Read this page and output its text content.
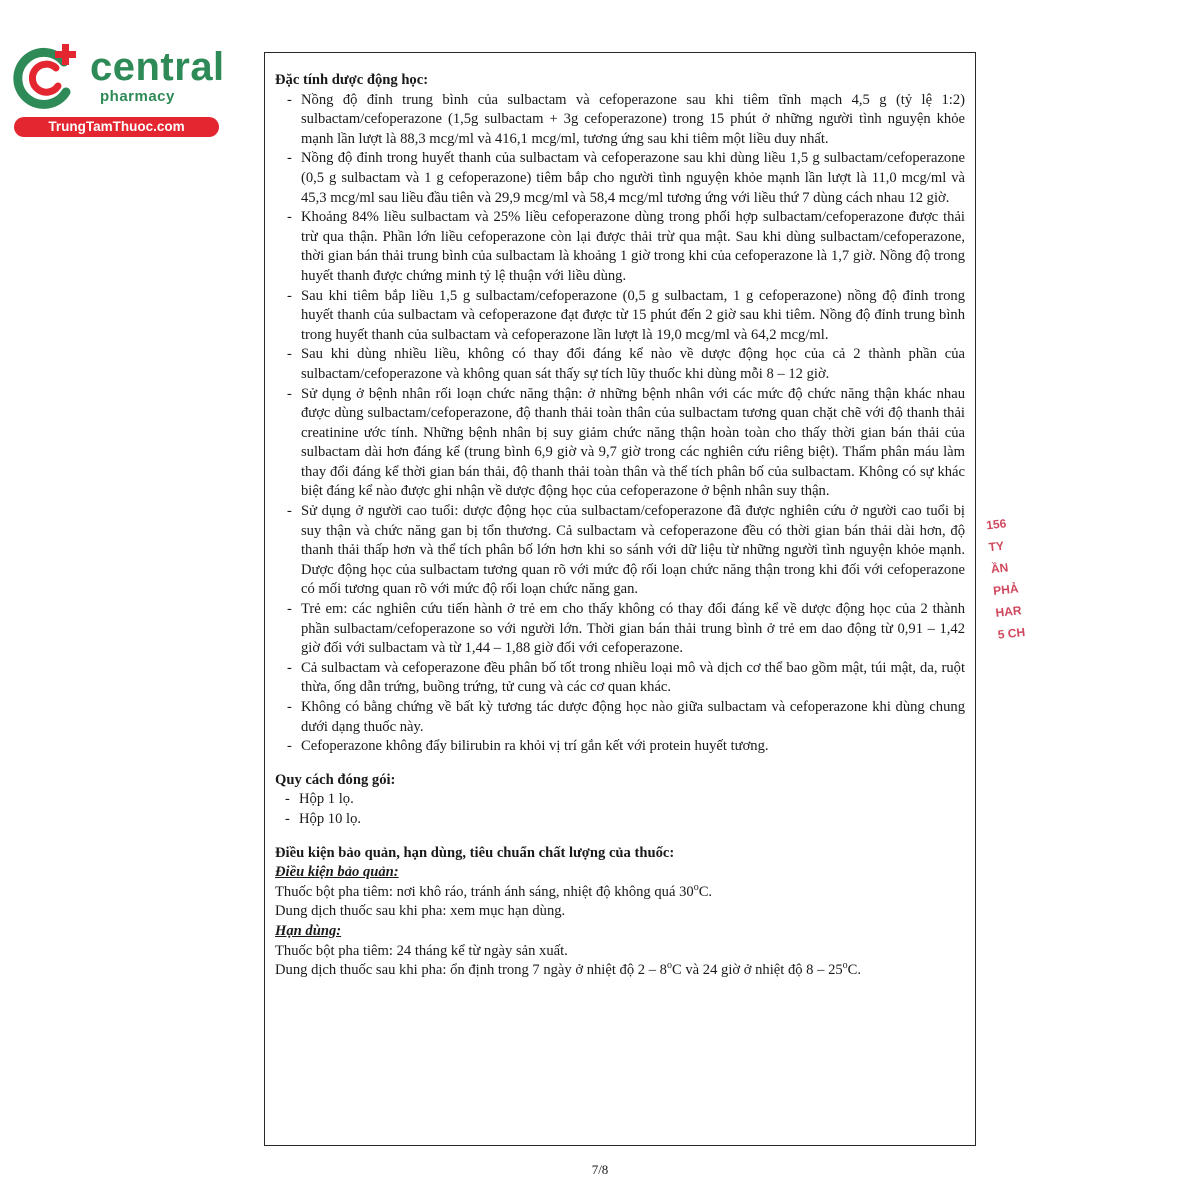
central
pharmacy
TrungTamThuoc.com

Đặc tính dược động học:

- Nồng độ đỉnh trung bình của sulbactam và cefoperazone sau khi tiêm tĩnh mạch 4,5 g (tỷ lệ 1:2) sulbactam/cefoperazone (1,5g sulbactam + 3g cefoperazone) trong 15 phút ở những người tình nguyện khỏe mạnh lần lượt là 88,3 mcg/ml và 416,1 mcg/ml, tương ứng sau khi tiêm một liều duy nhất.
- Nồng độ đỉnh trong huyết thanh của sulbactam và cefoperazone sau khi dùng liều 1,5 g sulbactam/cefoperazone (0,5 g sulbactam và 1 g cefoperazone) tiêm bắp cho người tình nguyện khỏe mạnh lần lượt là 11,0 mcg/ml và 45,3 mcg/ml sau liều đầu tiên và 29,9 mcg/ml và 58,4 mcg/ml tương ứng với liều thứ 7 dùng cách nhau 12 giờ.
- Khoảng 84% liều sulbactam và 25% liều cefoperazone dùng trong phối hợp sulbactam/cefoperazone được thải trừ qua thận. Phần lớn liều cefoperazone còn lại được thải trừ qua mật. Sau khi dùng sulbactam/cefoperazone, thời gian bán thải trung bình của sulbactam là khoảng 1 giờ trong khi của cefoperazone là 1,7 giờ. Nồng độ trong huyết thanh được chứng minh tỷ lệ thuận với liều dùng.
- Sau khi tiêm bắp liều 1,5 g sulbactam/cefoperazone (0,5 g sulbactam, 1 g cefoperazone) nồng độ đỉnh trong huyết thanh của sulbactam và cefoperazone đạt được từ 15 phút đến 2 giờ sau khi tiêm. Nồng độ đỉnh trung bình trong huyết thanh của sulbactam và cefoperazone lần lượt là 19,0 mcg/ml và 64,2 mcg/ml.
- Sau khi dùng nhiều liều, không có thay đổi đáng kể nào về dược động học của cả 2 thành phần của sulbactam/cefoperazone và không quan sát thấy sự tích lũy thuốc khi dùng mỗi 8 – 12 giờ.
- Sử dụng ở bệnh nhân rối loạn chức năng thận: ở những bệnh nhân với các mức độ chức năng thận khác nhau được dùng sulbactam/cefoperazone, độ thanh thải toàn thân của sulbactam tương quan chặt chẽ với độ thanh thải creatinine ước tính. Những bệnh nhân bị suy giảm chức năng thận hoàn toàn cho thấy thời gian bán thải của sulbactam dài hơn đáng kể (trung bình 6,9 giờ và 9,7 giờ trong các nghiên cứu riêng biệt). Thẩm phân máu làm thay đổi đáng kể thời gian bán thải, độ thanh thải toàn thân và thể tích phân bố của sulbactam. Không có sự khác biệt đáng kể nào được ghi nhận về dược động học của cefoperazone ở bệnh nhân suy thận.
- Sử dụng ở người cao tuổi: dược động học của sulbactam/cefoperazone đã được nghiên cứu ở người cao tuổi bị suy thận và chức năng gan bị tổn thương. Cả sulbactam và cefoperazone đều có thời gian bán thải dài hơn, độ thanh thải thấp hơn và thể tích phân bố lớn hơn khi so sánh với dữ liệu từ những người tình nguyện khỏe mạnh. Dược động học của sulbactam tương quan rõ với mức độ rối loạn chức năng thận trong khi đối với cefoperazone có mối tương quan rõ với mức độ rối loạn chức năng gan.
- Trẻ em: các nghiên cứu tiến hành ở trẻ em cho thấy không có thay đổi đáng kể về dược động học của 2 thành phần sulbactam/cefoperazone so với người lớn. Thời gian bán thải trung bình ở trẻ em dao động từ 0,91 – 1,42 giờ đối với sulbactam và từ 1,44 – 1,88 giờ đối với cefoperazone.
- Cả sulbactam và cefoperazone đều phân bố tốt trong nhiều loại mô và dịch cơ thể bao gồm mật, túi mật, da, ruột thừa, ống dẫn trứng, buồng trứng, tử cung và các cơ quan khác.
- Không có bằng chứng về bất kỳ tương tác dược động học nào giữa sulbactam và cefoperazone khi dùng chung dưới dạng thuốc này.
- Cefoperazone không đẩy bilirubin ra khỏi vị trí gắn kết với protein huyết tương.

Quy cách đóng gói:

- Hộp 1 lọ.
- Hộp 10 lọ.

Điều kiện bảo quản, hạn dùng, tiêu chuẩn chất lượng của thuốc:

Điều kiện bảo quản:

Thuốc bột pha tiêm: nơi khô ráo, tránh ánh sáng, nhiệt độ không quá 30$^o$C.

Dung dịch thuốc sau khi pha: xem mục hạn dùng.

Hạn dùng:

Thuốc bột pha tiêm: 24 tháng kể từ ngày sản xuất.

Dung dịch thuốc sau khi pha: ổn định trong 7 ngày ở nhiệt độ 2 – 8$^o$C và 24 giờ ở nhiệt độ 8 – 25$^o$C.

7/8
156
TY
ẦN
PHẢ
HAR
5 CH
